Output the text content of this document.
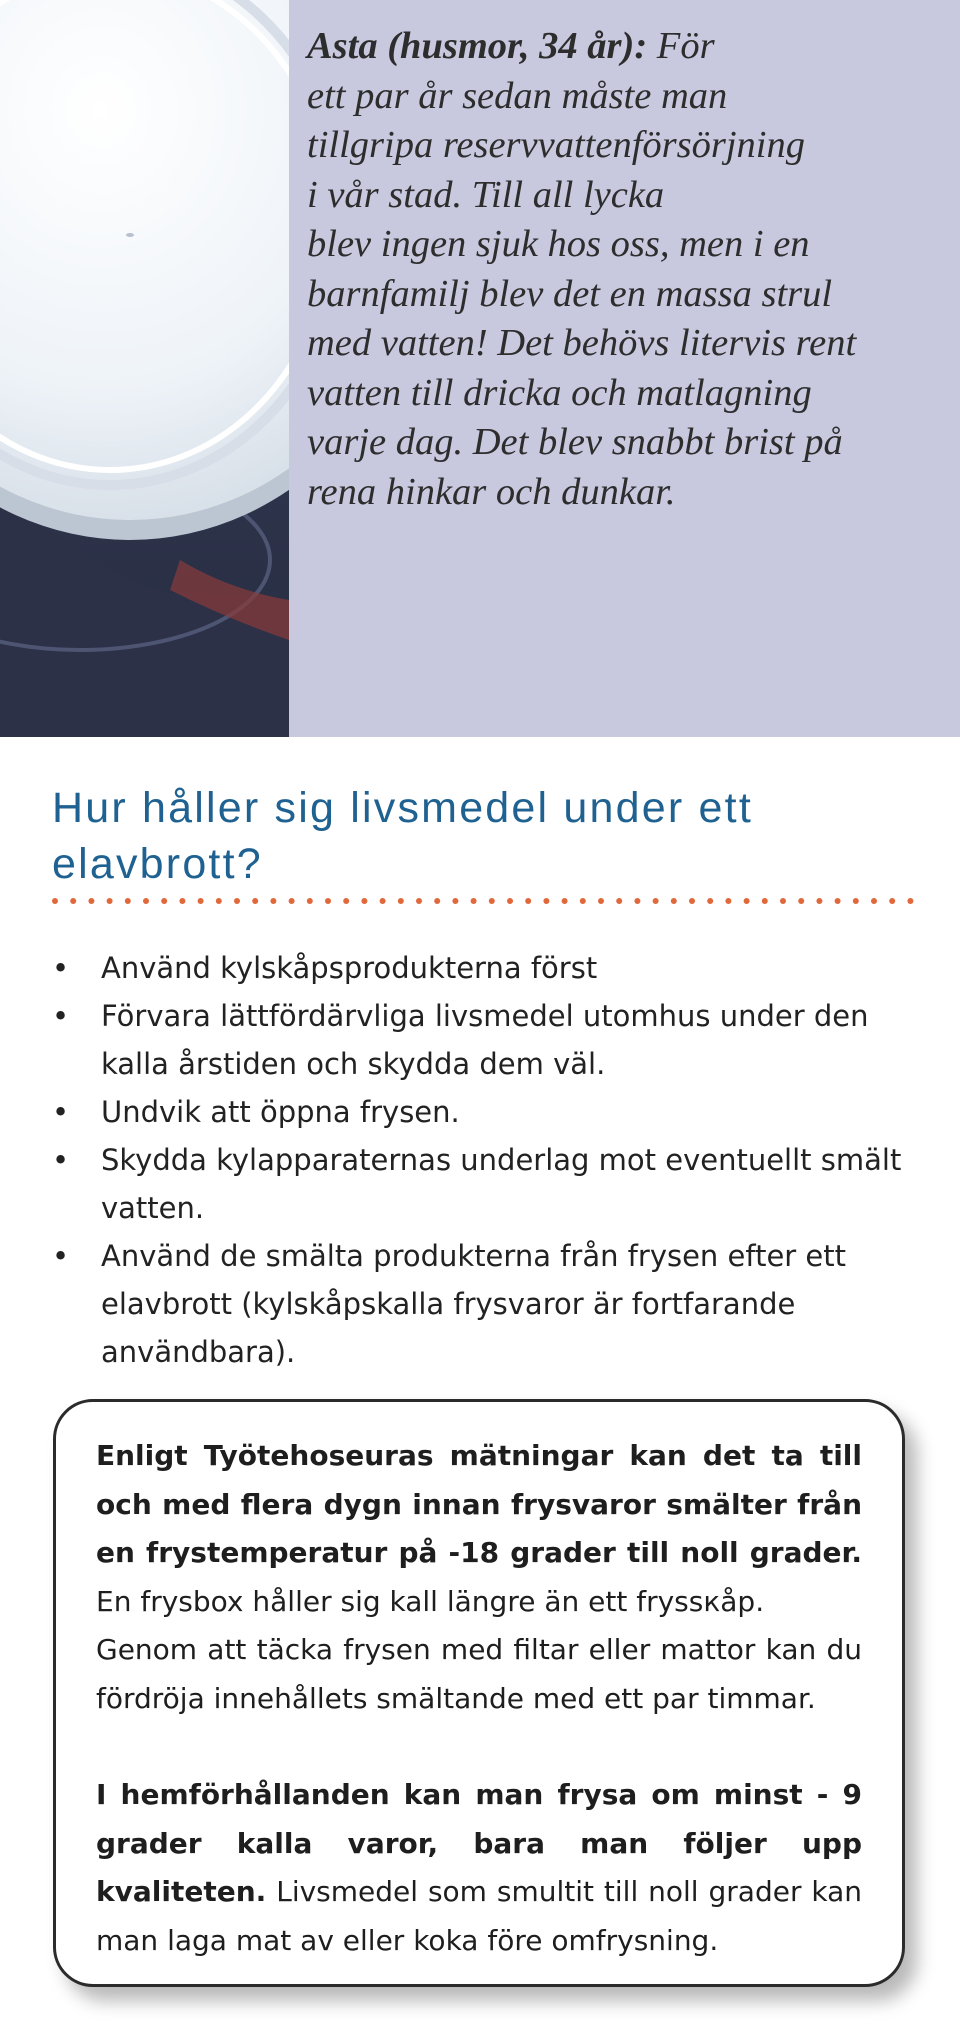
Asta (husmor, 34 år): För
ett par år sedan måste man
tillgripa reservvattenförsörjning
i vår stad. Till all lycka
blev ingen sjuk hos oss, men i en
barnfamilj blev det en massa strul
med vatten! Det behövs litervis rent
vatten till dricka och matlagning
varje dag. Det blev snabbt brist på
rena hinkar och dunkar.

Hur håller sig livsmedel under ett elavbrott?
• Använd kylskåpsprodukterna först
• Förvara lättfördärvliga livsmedel utomhus under den kalla årstiden och skydda dem väl.
• Undvik att öppna frysen.
• Skydda kylapparaternas underlag mot eventuellt smält vatten.
• Använd de smälta produkterna från frysen efter ett elavbrott (kylskåpskalla frysvaror är fortfarande användbara).

Enligt Työtehoseuras mätningar kan det ta till och med flera dygn innan frysvaror smälter från en frystemperatur på -18 grader till noll grader. En frysbox håller sig kall längre än ett fryssкåp.
Genom att täcka frysen med filtar eller mattor kan du fördröja innehållets smältande med ett par timmar.

I hemförhållanden kan man frysa om minst - 9 grader kalla varor, bara man följer upp kvaliteten. Livsmedel som smultit till noll grader kan man laga mat av eller koka före omfrysning.
